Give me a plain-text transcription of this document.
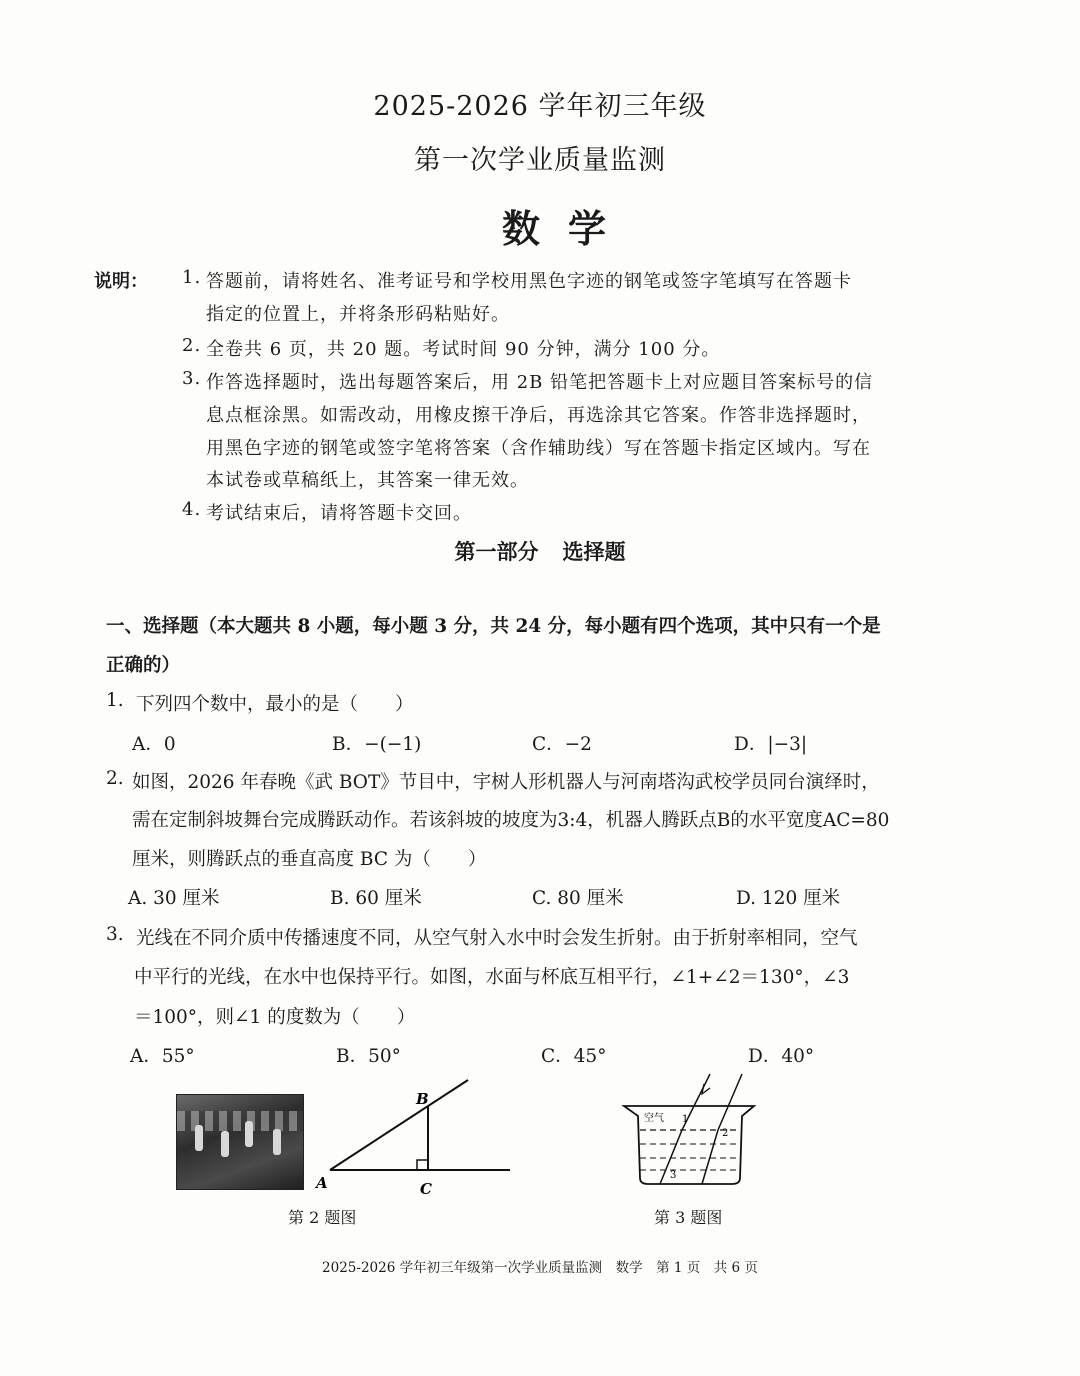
2025-2026 学年初三年级
第一次学业质量监测
数学
说明： 1. 答题前，请将姓名、准考证号和学校用黑色字迹的钢笔或签字笔填写在答题卡
指定的位置上，并将条形码粘贴好。
2. 全卷共 6 页，共 20 题。考试时间 90 分钟，满分 100 分。
3. 作答选择题时，选出每题答案后，用 2B 铅笔把答题卡上对应题目答案标号的信
息点框涂黑。如需改动，用橡皮擦干净后，再选涂其它答案。作答非选择题时，
用黑色字迹的钢笔或签字笔将答案（含作辅助线）写在答题卡指定区域内。写在
本试卷或草稿纸上，其答案一律无效。
4. 考试结束后，请将答题卡交回。
第一部分 选择题
一、选择题（本大题共 8 小题，每小题 3 分，共 24 分，每小题有四个选项，其中只有一个是
正确的）
1. 下列四个数中，最小的是（　　）
A．0	B．−(−1)	C．−2	D．|−3|
2. 如图，2026 年春晚《武 BOT》节目中，宇树人形机器人与河南塔沟武校学员同台演绎时，
需在定制斜坡舞台完成腾跃动作。若该斜坡的坡度为3:4，机器人腾跃点B的水平宽度AC=80
厘米，则腾跃点的垂直高度 BC 为（　　）
A. 30 厘米	B. 60 厘米	C. 80 厘米	D. 120 厘米
3. 光线在不同介质中传播速度不同，从空气射入水中时会发生折射。由于折射率相同，空气
中平行的光线，在水中也保持平行。如图，水面与杯底互相平行，∠1+∠2＝130°，∠3
＝100°，则∠1 的度数为（　　）
A．55°	B．50°	C．45°	D．40°
A
B
C
空气 1
2
3
第 2 题图	第 3 题图
2025-2026 学年初三年级第一次学业质量监测　数学　第 1 页　共 6 页
